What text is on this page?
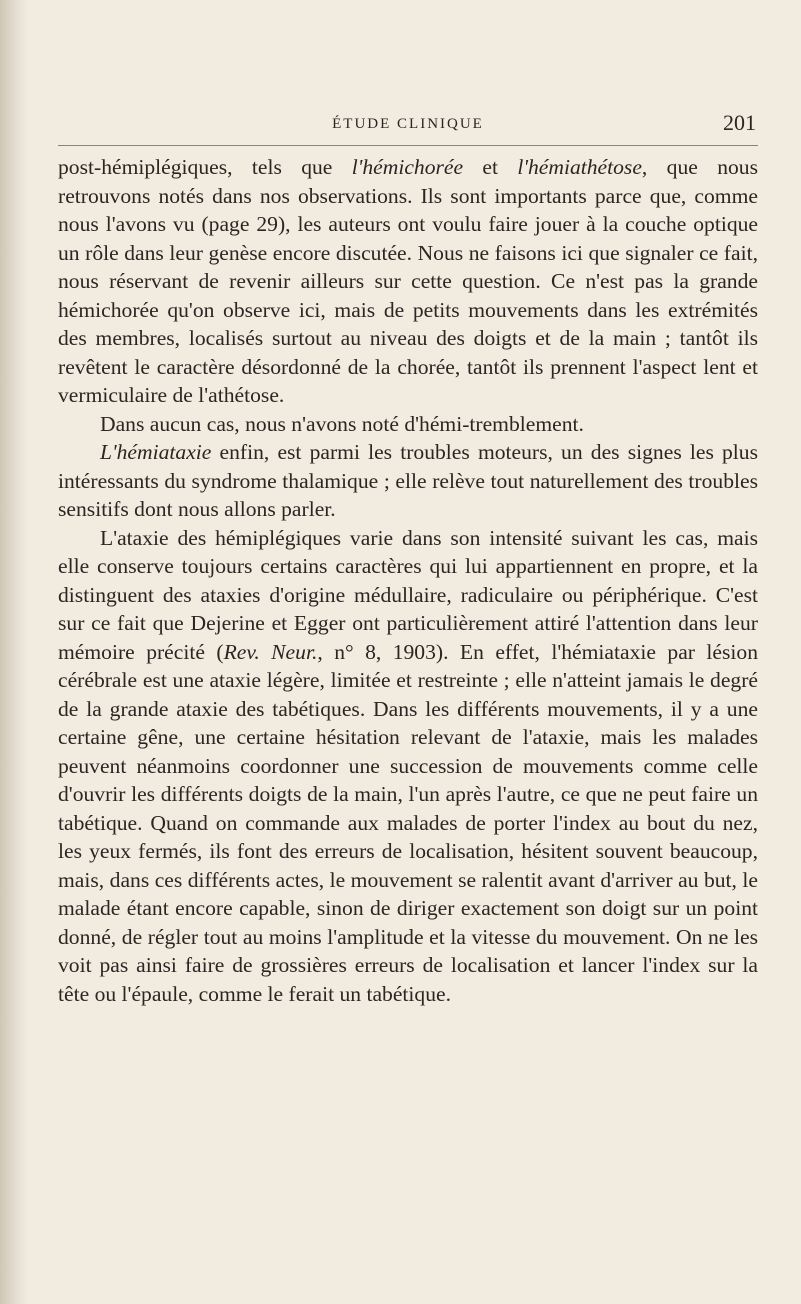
ÉTUDE CLINIQUE	201

post-hémiplégiques, tels que l'hémichorée et l'hémiathétose, que nous retrouvons notés dans nos observations. Ils sont importants parce que, comme nous l'avons vu (page 29), les auteurs ont voulu faire jouer à la couche optique un rôle dans leur genèse encore discutée. Nous ne faisons ici que signaler ce fait, nous réservant de revenir ailleurs sur cette question. Ce n'est pas la grande hémichorée qu'on observe ici, mais de petits mouvements dans les extrémités des membres, localisés surtout au niveau des doigts et de la main ; tantôt ils revêtent le caractère désordonné de la chorée, tantôt ils prennent l'aspect lent et vermiculaire de l'athétose.

Dans aucun cas, nous n'avons noté d'hémi-tremblement.

L'hémiataxie enfin, est parmi les troubles moteurs, un des signes les plus intéressants du syndrome thalamique ; elle relève tout naturellement des troubles sensitifs dont nous allons parler.

L'ataxie des hémiplégiques varie dans son intensité suivant les cas, mais elle conserve toujours certains caractères qui lui appartiennent en propre, et la distinguent des ataxies d'origine médullaire, radiculaire ou périphérique. C'est sur ce fait que Dejerine et Egger ont particulièrement attiré l'attention dans leur mémoire précité (Rev. Neur., n° 8, 1903). En effet, l'hémiataxie par lésion cérébrale est une ataxie légère, limitée et restreinte ; elle n'atteint jamais le degré de la grande ataxie des tabétiques. Dans les différents mouvements, il y a une certaine gêne, une certaine hésitation relevant de l'ataxie, mais les malades peuvent néanmoins coordonner une succession de mouvements comme celle d'ouvrir les différents doigts de la main, l'un après l'autre, ce que ne peut faire un tabétique. Quand on commande aux malades de porter l'index au bout du nez, les yeux fermés, ils font des erreurs de localisation, hésitent souvent beaucoup, mais, dans ces différents actes, le mouvement se ralentit avant d'arriver au but, le malade étant encore capable, sinon de diriger exactement son doigt sur un point donné, de régler tout au moins l'amplitude et la vitesse du mouvement. On ne les voit pas ainsi faire de grossières erreurs de localisation et lancer l'index sur la tête ou l'épaule, comme le ferait un tabétique.
